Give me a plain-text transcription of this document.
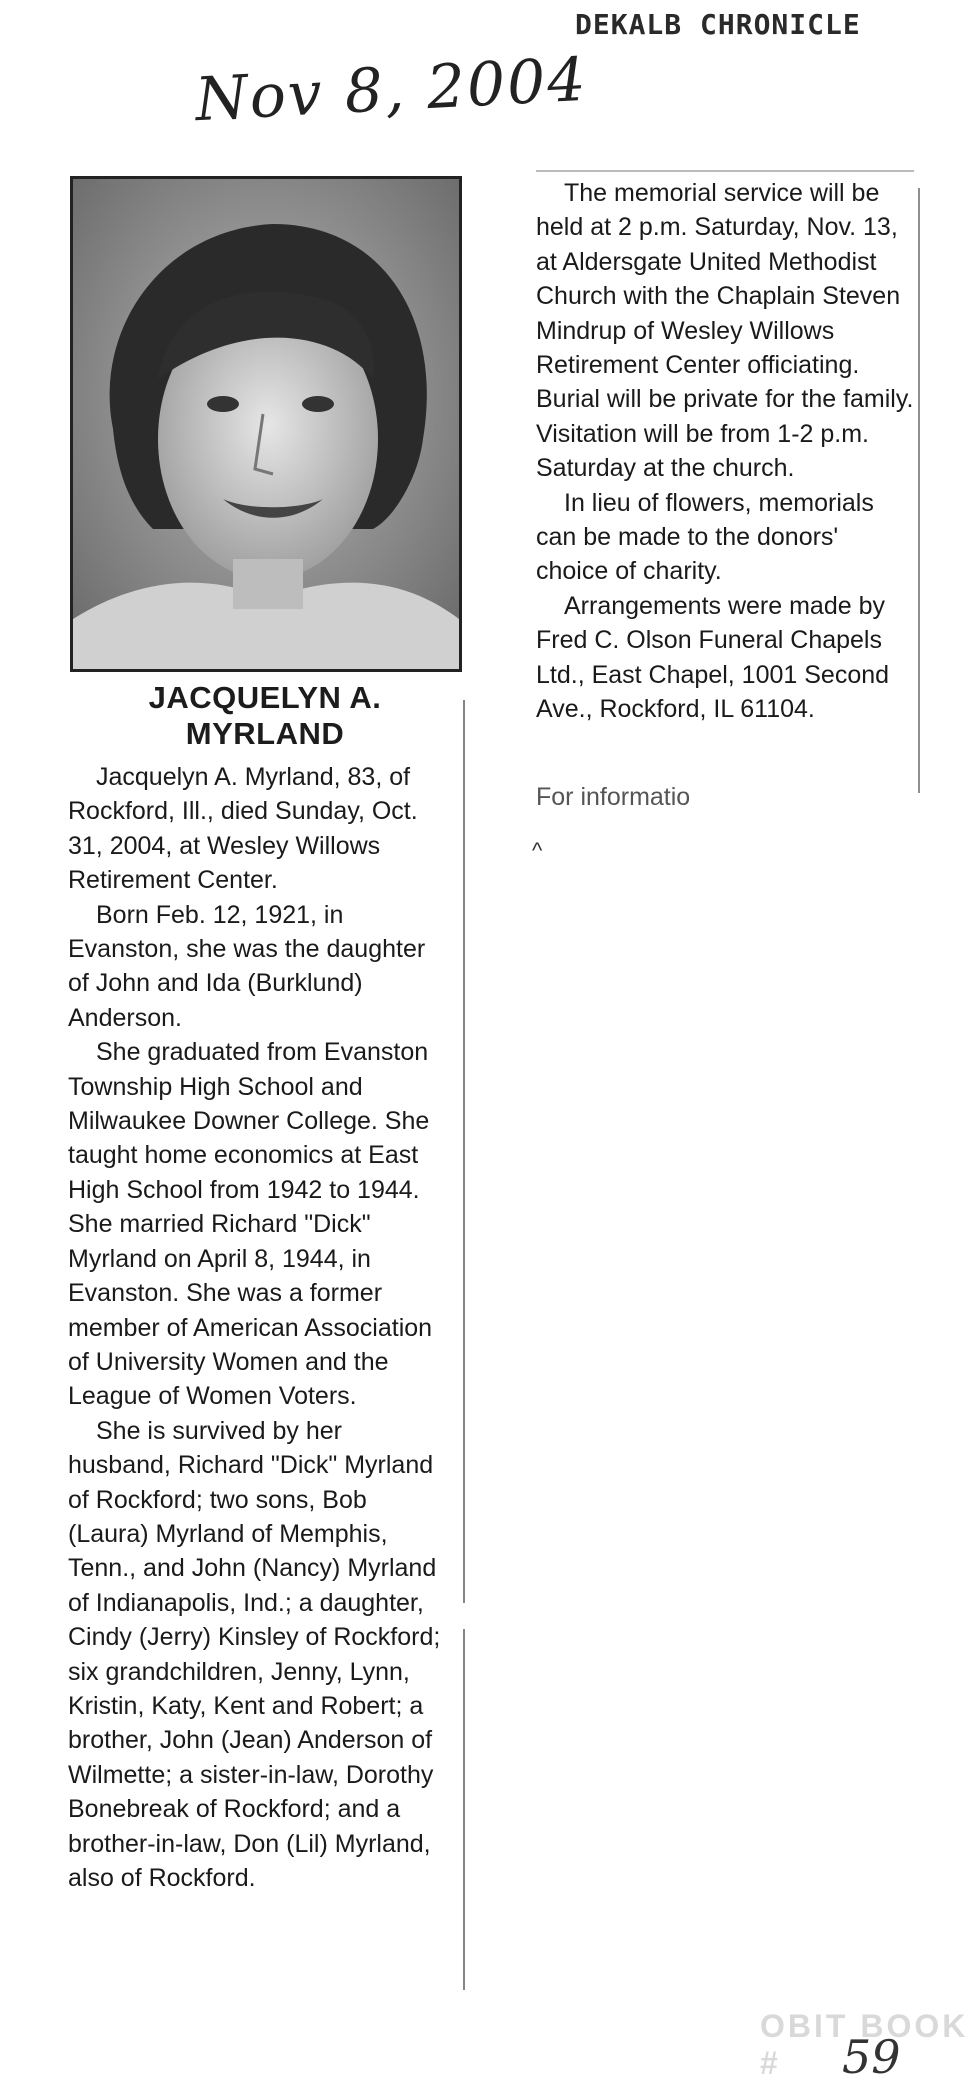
DEKALB CHRONICLE
Nov 8, 2004
JACQUELYN A. MYRLAND

Jacquelyn A. Myrland, 83, of Rockford, Ill., died Sunday, Oct. 31, 2004, at Wesley Willows Retirement Center.

Born Feb. 12, 1921, in Evanston, she was the daughter of John and Ida (Burklund) Anderson.

She graduated from Evanston Township High School and Milwaukee Downer College. She taught home economics at East High School from 1942 to 1944. She married Richard "Dick" Myrland on April 8, 1944, in Evanston. She was a former member of American Association of University Women and the League of Women Voters.

She is survived by her husband, Richard "Dick" Myrland of Rockford; two sons, Bob (Laura) Myrland of Memphis, Tenn., and John (Nancy) Myrland of Indianapolis, Ind.; a daughter, Cindy (Jerry) Kinsley of Rockford; six grandchildren, Jenny, Lynn, Kristin, Katy, Kent and Robert; a brother, John (Jean) Anderson of Wilmette; a sister-in-law, Dorothy Bonebreak of Rockford; and a brother-in-law, Don (Lil) Myrland, also of Rockford.

The memorial service will be held at 2 p.m. Saturday, Nov. 13, at Aldersgate United Methodist Church with the Chaplain Steven Mindrup of Wesley Willows Retirement Center officiating. Burial will be private for the family. Visitation will be from 1-2 p.m. Saturday at the church.

In lieu of flowers, memorials can be made to the donors' choice of charity.

Arrangements were made by Fred C. Olson Funeral Chapels Ltd., East Chapel, 1001 Second Ave., Rockford, IL 61104.

For informatio
^
OBIT BOOK #	59
